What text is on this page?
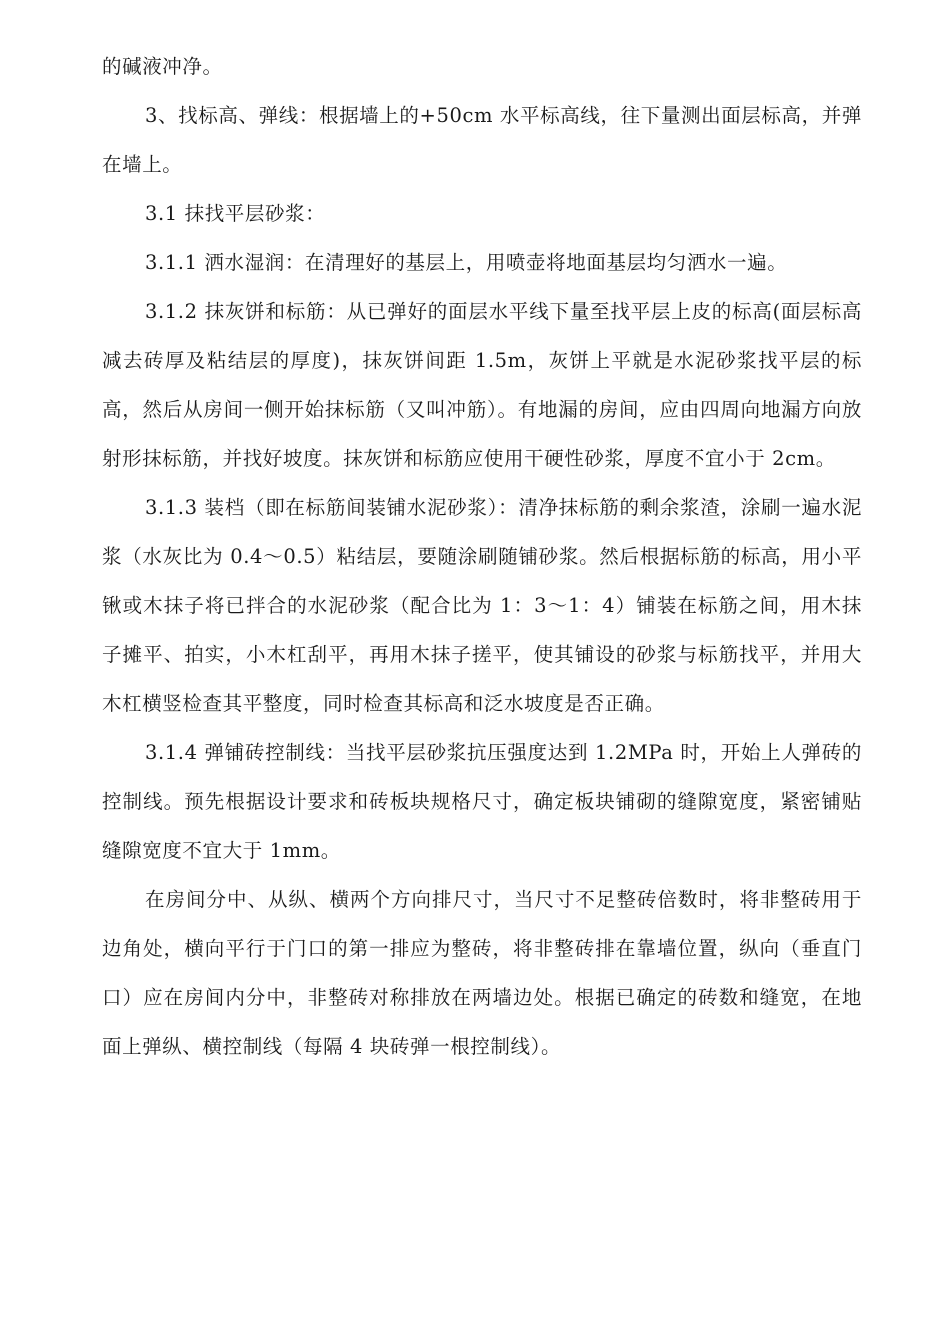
的碱液冲净。

3、找标高、弹线：根据墙上的+50cm 水平标高线，往下量测出面层标高，并弹在墙上。

3.1 抹找平层砂浆：

3.1.1 洒水湿润：在清理好的基层上，用喷壶将地面基层均匀洒水一遍。

3.1.2 抹灰饼和标筋：从已弹好的面层水平线下量至找平层上皮的标高(面层标高减去砖厚及粘结层的厚度)，抹灰饼间距 1.5m，灰饼上平就是水泥砂浆找平层的标高，然后从房间一侧开始抹标筋（又叫冲筋）。有地漏的房间，应由四周向地漏方向放射形抹标筋，并找好坡度。抹灰饼和标筋应使用干硬性砂浆，厚度不宜小于 2cm。

3.1.3 装档（即在标筋间装铺水泥砂浆）：清净抹标筋的剩余浆渣，涂刷一遍水泥浆（水灰比为 0.4～0.5）粘结层，要随涂刷随铺砂浆。然后根据标筋的标高，用小平锹或木抹子将已拌合的水泥砂浆（配合比为 1：3～1：4）铺装在标筋之间，用木抹子摊平、拍实，小木杠刮平，再用木抹子搓平，使其铺设的砂浆与标筋找平，并用大木杠横竖检查其平整度，同时检查其标高和泛水坡度是否正确。

3.1.4 弹铺砖控制线：当找平层砂浆抗压强度达到 1.2MPa 时，开始上人弹砖的控制线。预先根据设计要求和砖板块规格尺寸，确定板块铺砌的缝隙宽度，紧密铺贴缝隙宽度不宜大于 1mm。

在房间分中、从纵、横两个方向排尺寸，当尺寸不足整砖倍数时，将非整砖用于边角处，横向平行于门口的第一排应为整砖，将非整砖排在靠墙位置，纵向（垂直门口）应在房间内分中，非整砖对称排放在两墙边处。根据已确定的砖数和缝宽，在地面上弹纵、横控制线（每隔 4 块砖弹一根控制线）。
